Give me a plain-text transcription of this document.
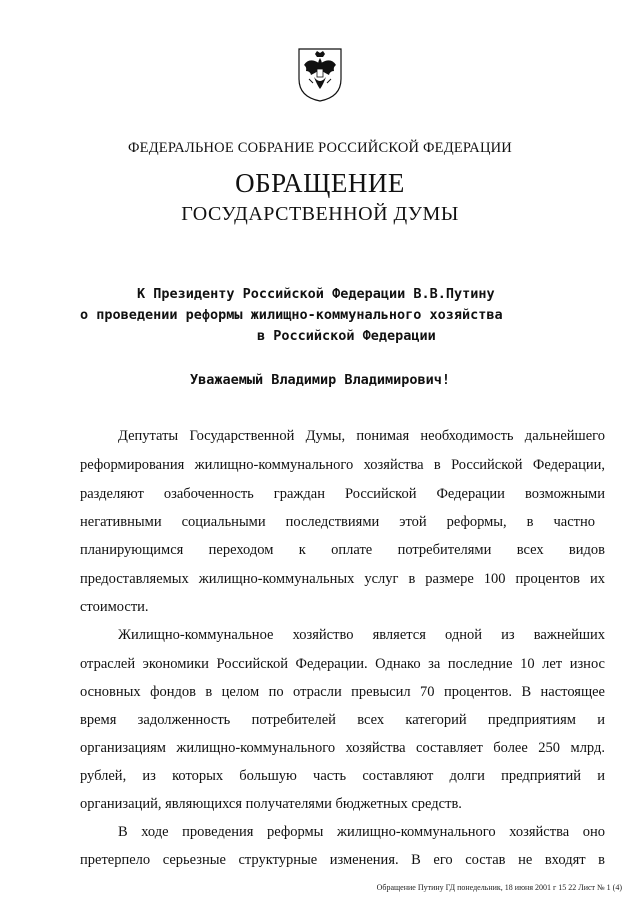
ФЕДЕРАЛЬНОЕ СОБРАНИЕ РОССИЙСКОЙ ФЕДЕРАЦИИ
ОБРАЩЕНИЕ
ГОСУДАРСТВЕННОЙ ДУМЫ
К Президенту Российской Федерации В.В.Путину
о проведении реформы жилищно-коммунального хозяйства
в Российской Федерации
Уважаемый Владимир Владимирович!
Депутаты Государственной Думы, понимая необходимость дальнейшего
реформирования жилищно-коммунального хозяйства в Российской Федерации,
разделяют озабоченность граждан Российской Федерации возможными
негативными социальными последствиями этой реформы, в частно
планирующимся переходом к оплате потребителями всех видов
предоставляемых жилищно-коммунальных услуг в размере 100 процентов их
стоимости.
Жилищно-коммунальное хозяйство является одной из важнейших
отраслей экономики Российской Федерации. Однако за последние 10 лет износ
основных фондов в целом по отрасли превысил 70 процентов. В настоящее
время задолженность потребителей всех категорий предприятиям и
организациям жилищно-коммунального хозяйства составляет более 250 млрд.
рублей, из которых большую часть составляют долги предприятий и
организаций, являющихся получателями бюджетных средств.
В ходе проведения реформы жилищно-коммунального хозяйства оно
претерпело серьезные структурные изменения. В его состав не входят в
Обращение Путину ГД понедельник, 18 июня 2001 г 15 22 Лист № 1 (4)
